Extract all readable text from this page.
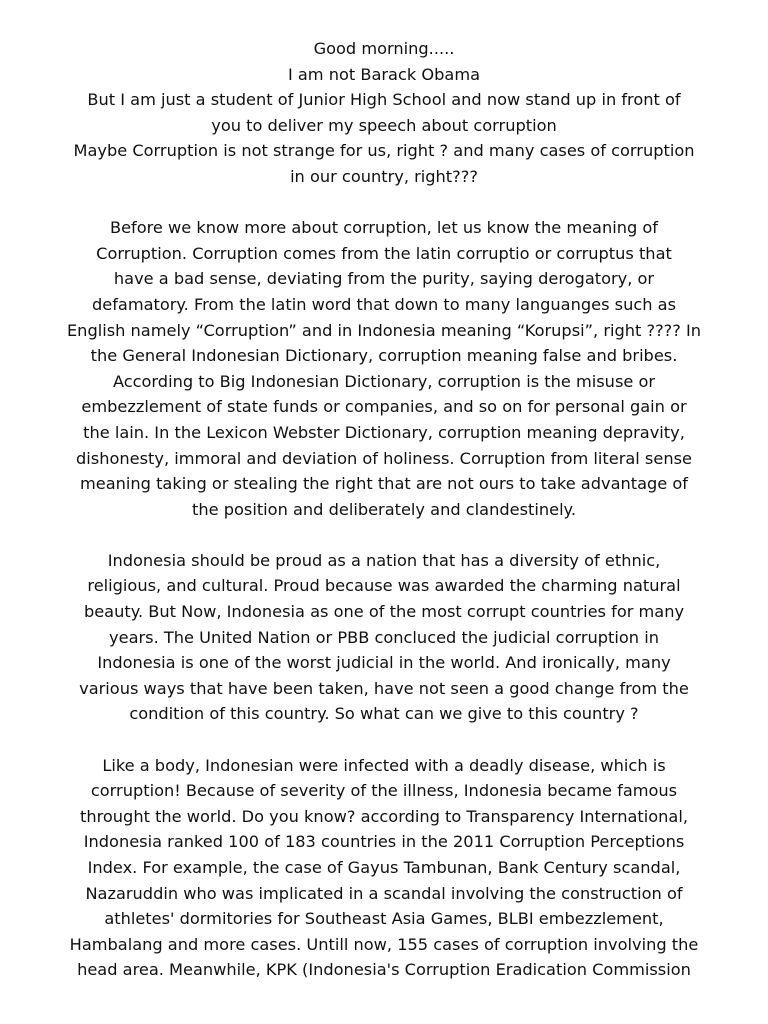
Good morning.....
I am not Barack Obama
But I am just a student of Junior High School and now stand up in front of
you to deliver my speech about corruption
Maybe Corruption is not strange for us, right ? and many cases of corruption
in our country, right???
Before we know more about corruption, let us know the meaning of
Corruption. Corruption comes from the latin corruptio or corruptus that
have a bad sense, deviating from the purity, saying derogatory, or
defamatory. From the latin word that down to many languanges such as
English namely “Corruption” and in Indonesia meaning “Korupsi”, right ???? In
the General Indonesian Dictionary, corruption meaning false and bribes.
According to Big Indonesian Dictionary, corruption is the misuse or
embezzlement of state funds or companies, and so on for personal gain or
the lain. In the Lexicon Webster Dictionary, corruption meaning depravity,
dishonesty, immoral and deviation of holiness. Corruption from literal sense
meaning taking or stealing the right that are not ours to take advantage of
the position and deliberately and clandestinely.
Indonesia should be proud as a nation that has a diversity of ethnic,
religious, and cultural. Proud because was awarded the charming natural
beauty. But Now, Indonesia as one of the most corrupt countries for many
years. The United Nation or PBB concluced the judicial corruption in
Indonesia is one of the worst judicial in the world. And ironically, many
various ways that have been taken, have not seen a good change from the
condition of this country. So what can we give to this country ?
Like a body, Indonesian were infected with a deadly disease, which is
corruption! Because of severity of the illness, Indonesia became famous
throught the world. Do you know? according to Transparency International,
Indonesia ranked 100 of 183 countries in the 2011 Corruption Perceptions
Index. For example, the case of Gayus Tambunan, Bank Century scandal,
Nazaruddin who was implicated in a scandal involving the construction of
athletes' dormitories for Southeast Asia Games, BLBI embezzlement,
Hambalang and more cases. Untill now, 155 cases of corruption involving the
head area. Meanwhile, KPK (Indonesia's Corruption Eradication Commission
